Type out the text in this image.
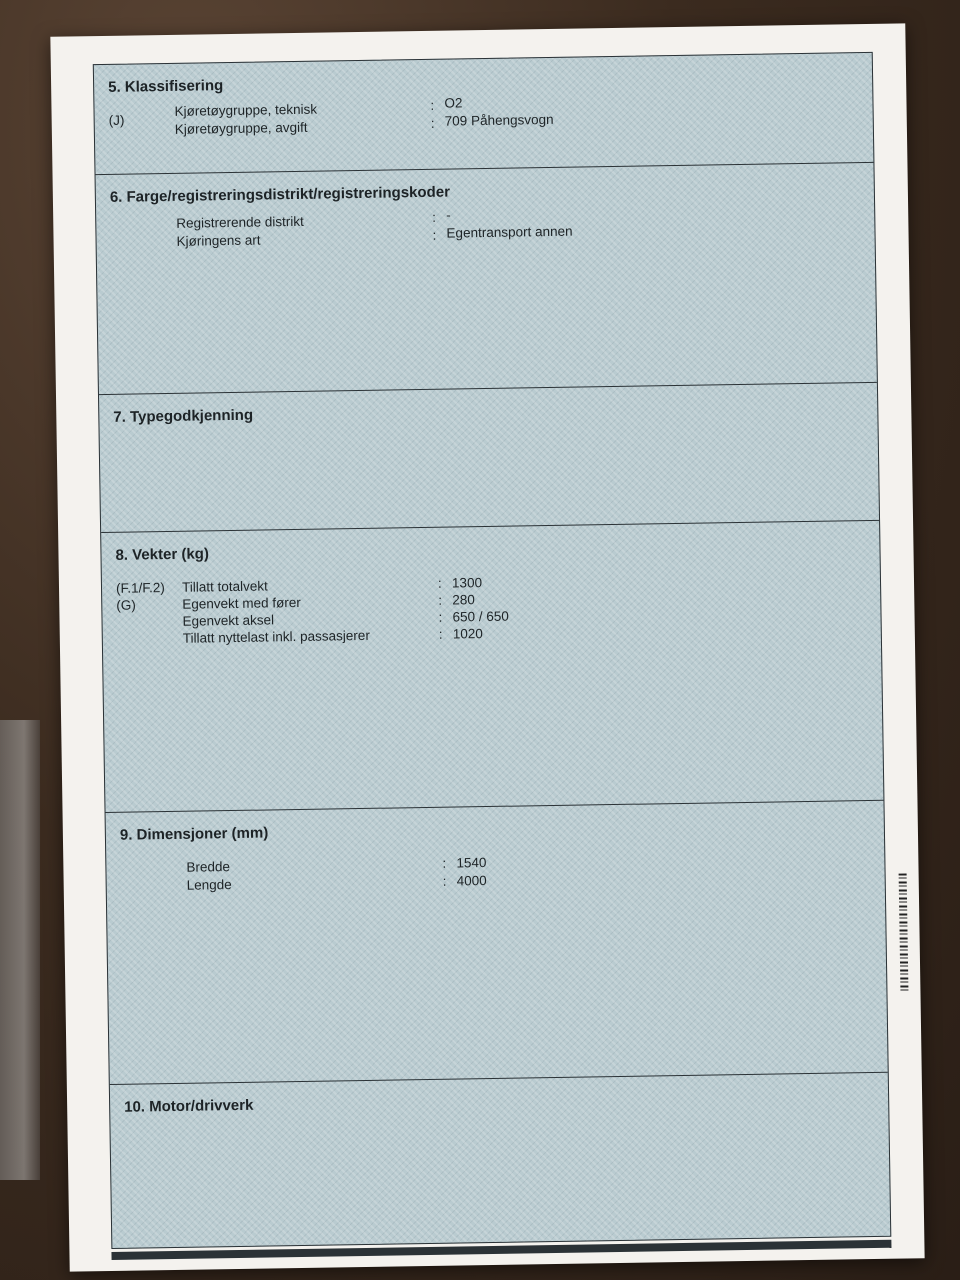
5. Klassifisering
(J)
Kjøretøygruppe, teknisk	: O2
Kjøretøygruppe, avgift	: 709 Påhengsvogn
6. Farge/registreringsdistrikt/registreringskoder
Registrerende distrikt	: -
Kjøringens art	: Egentransport annen
7. Typegodkjenning
8. Vekter (kg)
(F.1/F.2)	Tillatt totalvekt	: 1300
(G)	Egenvekt med fører	: 280
Egenvekt aksel	: 650 / 650
Tillatt nyttelast inkl. passasjerer	: 1020
9. Dimensjoner (mm)
Bredde	: 1540
Lengde	: 4000
10. Motor/drivverk
